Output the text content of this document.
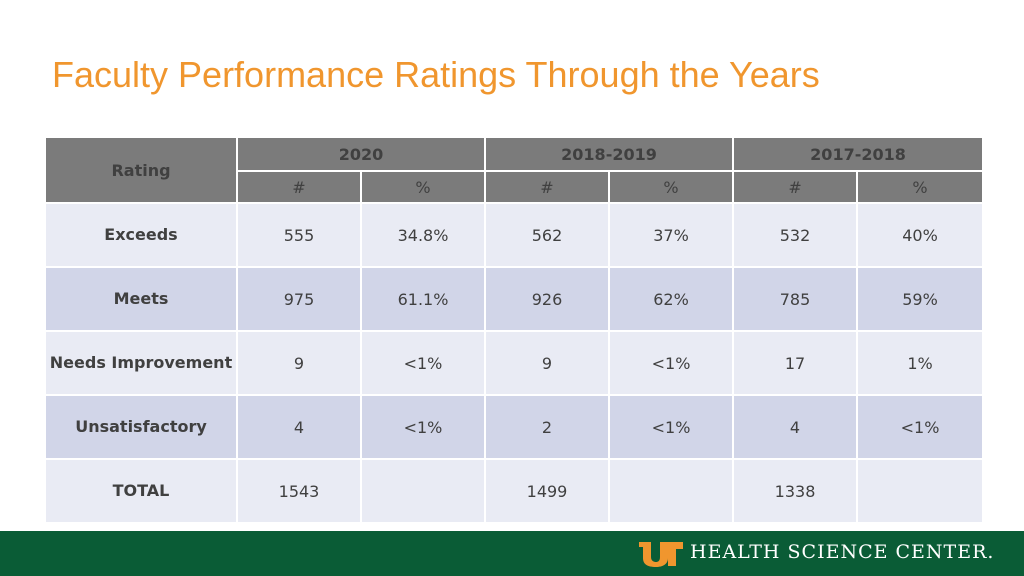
Faculty Performance Ratings Through the Years
Rating	2020		2018-2019		2017-2018	
	#	%	#	%	#	%
Exceeds	555	34.8%	562	37%	532	40%
Meets	975	61.1%	926	62%	785	59%
Needs Improvement	9	<1%	9	<1%	17	1%
Unsatisfactory	4	<1%	2	<1%	4	<1%
TOTAL	1543		1499		1338	
HEALTH SCIENCE CENTER.
